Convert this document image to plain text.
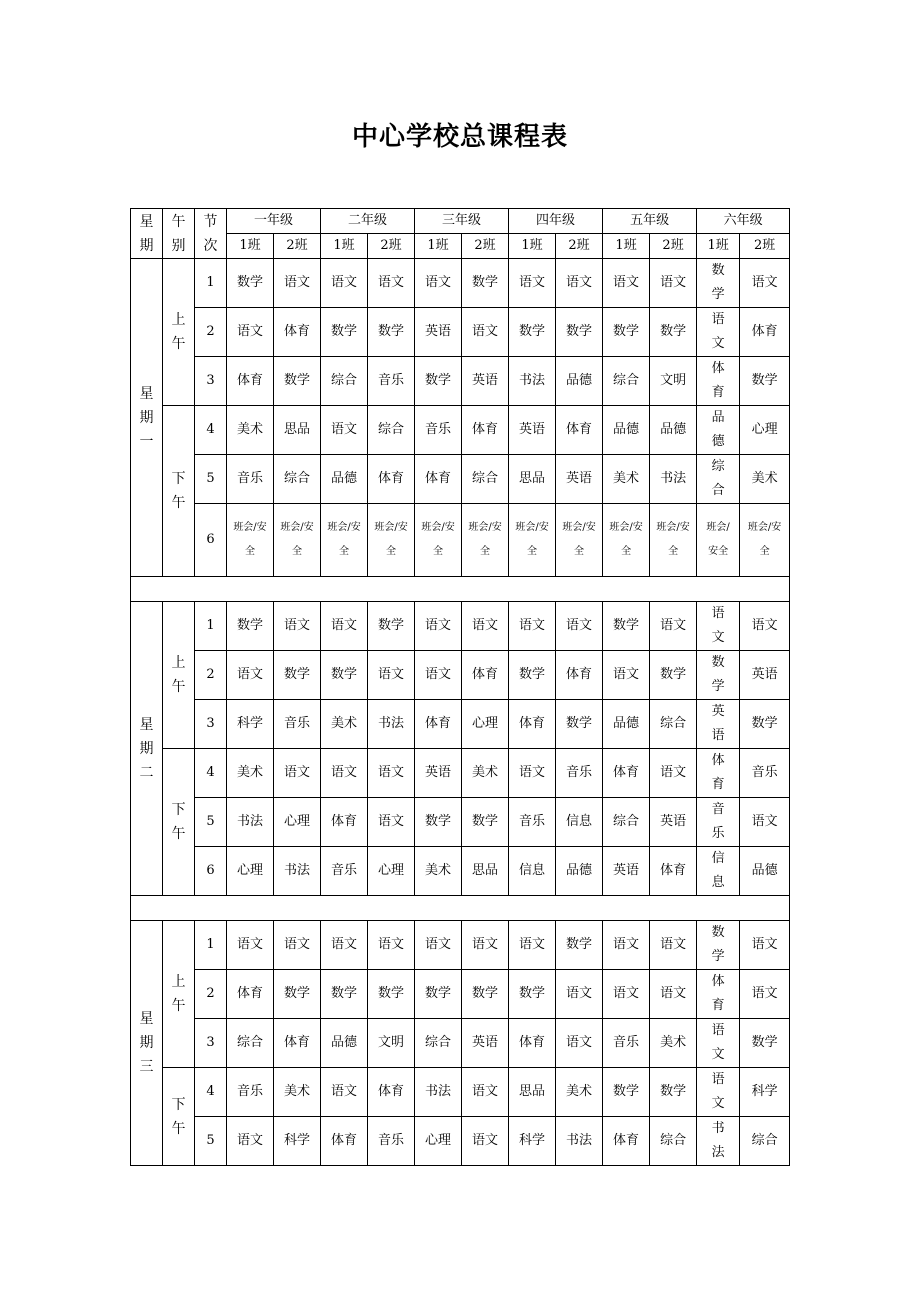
中心学校总课程表
星期	午别	节次	一年级		二年级		三年级		四年级		五年级		六年级	
			1班	2班	1班	2班	1班	2班	1班	2班	1班	2班	1班	2班
星期一	上午	1	数学	语文	语文	语文	语文	数学	语文	语文	语文	语文	数学	语文
		2	语文	体育	数学	数学	英语	语文	数学	数学	数学	数学	语文	体育
		3	体育	数学	综合	音乐	数学	英语	书法	品德	综合	文明	体育	数学
	下午	4	美术	思品	语文	综合	音乐	体育	英语	体育	品德	品德	品德	心理
		5	音乐	综合	品德	体育	体育	综合	思品	英语	美术	书法	综合	美术
		6	班会/安全	班会/安全	班会/安全	班会/安全	班会/安全	班会/安全	班会/安全	班会/安全	班会/安全	班会/安全	班会/安全	班会/安全

星期二	上午	1	数学	语文	语文	数学	语文	语文	语文	语文	数学	语文	语文	语文
		2	语文	数学	数学	语文	语文	体育	数学	体育	语文	数学	数学	英语
		3	科学	音乐	美术	书法	体育	心理	体育	数学	品德	综合	英语	数学
	下午	4	美术	语文	语文	语文	英语	美术	语文	音乐	体育	语文	体育	音乐
		5	书法	心理	体育	语文	数学	数学	音乐	信息	综合	英语	音乐	语文
		6	心理	书法	音乐	心理	美术	思品	信息	品德	英语	体育	信息	品德

星期三	上午	1	语文	语文	语文	语文	语文	语文	语文	数学	语文	语文	数学	语文
		2	体育	数学	数学	数学	数学	数学	数学	语文	语文	语文	体育	语文
		3	综合	体育	品德	文明	综合	英语	体育	语文	音乐	美术	语文	数学
	下午	4	音乐	美术	语文	体育	书法	语文	思品	美术	数学	数学	语文	科学
		5	语文	科学	体育	音乐	心理	语文	科学	书法	体育	综合	书法	综合
